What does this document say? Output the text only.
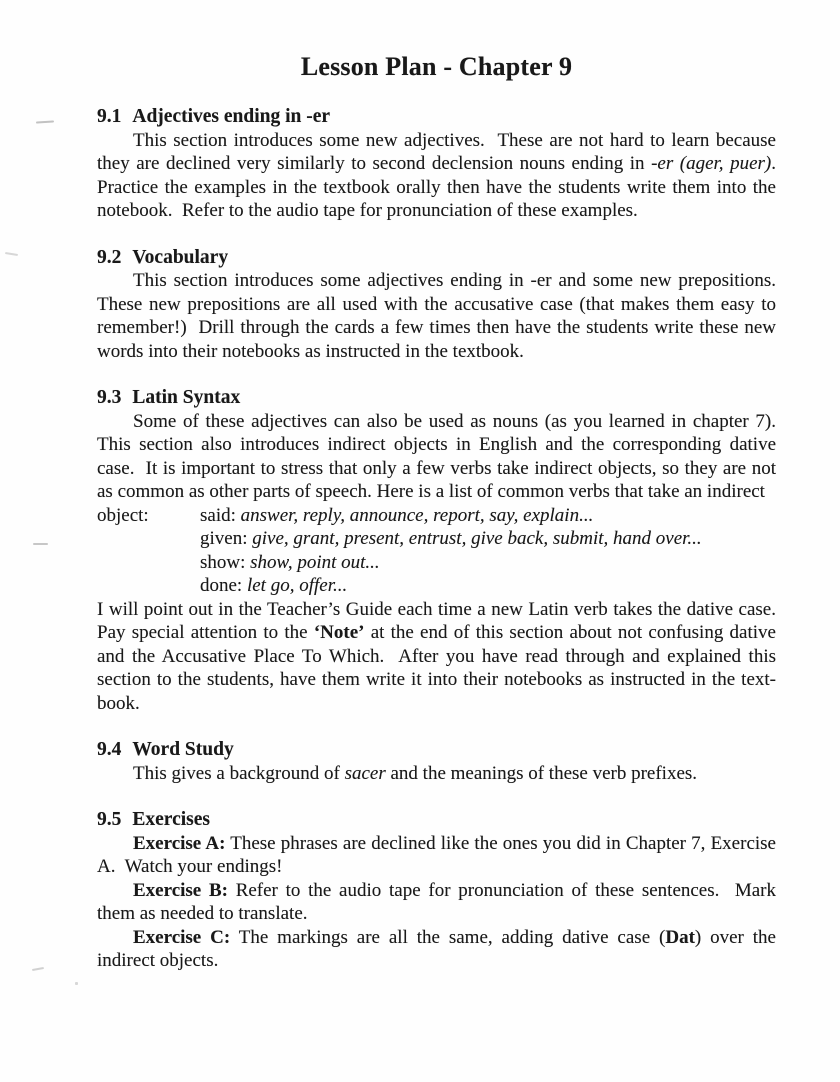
Lesson Plan - Chapter 9
9.1 Adjectives ending in -er

This section introduces some new adjectives.  These are not hard to learn because they are declined very similarly to second declension nouns ending in -er (ager, puer). Practice the examples in the textbook orally then have the students write them into the notebook.  Refer to the audio tape for pronunciation of these examples.

9.2 Vocabulary

This section introduces some adjectives ending in -er and some new prepositions. These new prepositions are all used with the accusative case (that makes them easy to remember!)  Drill through the cards a few times then have the students write these new words into their notebooks as instructed in the textbook.

9.3 Latin Syntax

Some of these adjectives can also be used as nouns (as you learned in chapter 7). This section also introduces indirect objects in English and the corresponding dative case.  It is important to stress that only a few verbs take indirect objects, so they are not as common as other parts of speech. Here is a list of common verbs that take an indirect

object:	said: answer, reply, announce, report, say, explain...
given: give, grant, present, entrust, give back, submit, hand over...
show: show, point out...
done: let go, offer...

I will point out in the Teacher’s Guide each time a new Latin verb takes the dative case. Pay special attention to the ‘Note’ at the end of this section about not confusing dative and the Accusative Place To Which.  After you have read through and explained this section to the students, have them write it into their notebooks as instructed in the textbook.

9.4 Word Study

This gives a background of sacer and the meanings of these verb prefixes.

9.5 Exercises

Exercise A: These phrases are declined like the ones you did in Chapter 7, Exercise A.  Watch your endings!

Exercise B: Refer to the audio tape for pronunciation of these sentences.  Mark them as needed to translate.

Exercise C: The markings are all the same, adding dative case (Dat) over the indirect objects.
